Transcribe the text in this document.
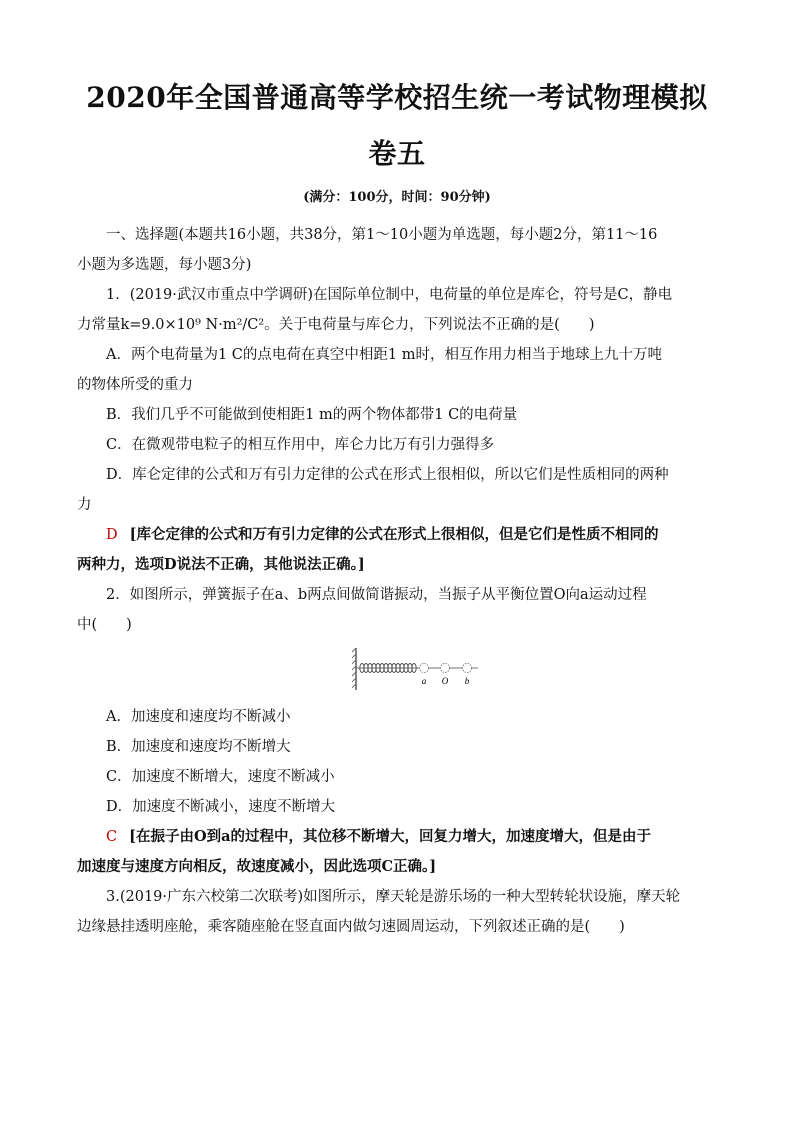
2020年全国普通高等学校招生统一考试物理模拟
卷五
(满分：100分，时间：90分钟)
一、选择题(本题共16小题，共38分，第1～10小题为单选题，每小题2分，第11～16
小题为多选题，每小题3分)
1．(2019·武汉市重点中学调研)在国际单位制中，电荷量的单位是库仑，符号是C，静电
力常量k=9.0×10⁹ N·m²/C²。关于电荷量与库仑力，下列说法不正确的是(　　)
A．两个电荷量为1 C的点电荷在真空中相距1 m时，相互作用力相当于地球上九十万吨
的物体所受的重力
B．我们几乎不可能做到使相距1 m的两个物体都带1 C的电荷量
C．在微观带电粒子的相互作用中，库仑力比万有引力强得多
D．库仑定律的公式和万有引力定律的公式在形式上很相似，所以它们是性质相同的两种
力
D [库仑定律的公式和万有引力定律的公式在形式上很相似，但是它们是性质不相同的
两种力，选项D说法不正确，其他说法正确。]
2．如图所示，弹簧振子在a、b两点间做简谐振动，当振子从平衡位置O向a运动过程
中(　　)
a O b
A．加速度和速度均不断减小
B．加速度和速度均不断增大
C．加速度不断增大，速度不断减小
D．加速度不断减小，速度不断增大
C [在振子由O到a的过程中，其位移不断增大，回复力增大，加速度增大，但是由于
加速度与速度方向相反，故速度减小，因此选项C正确。]
3.(2019·广东六校第二次联考)如图所示，摩天轮是游乐场的一种大型转轮状设施，摩天轮
边缘悬挂透明座舱，乘客随座舱在竖直面内做匀速圆周运动，下列叙述正确的是(　　)
